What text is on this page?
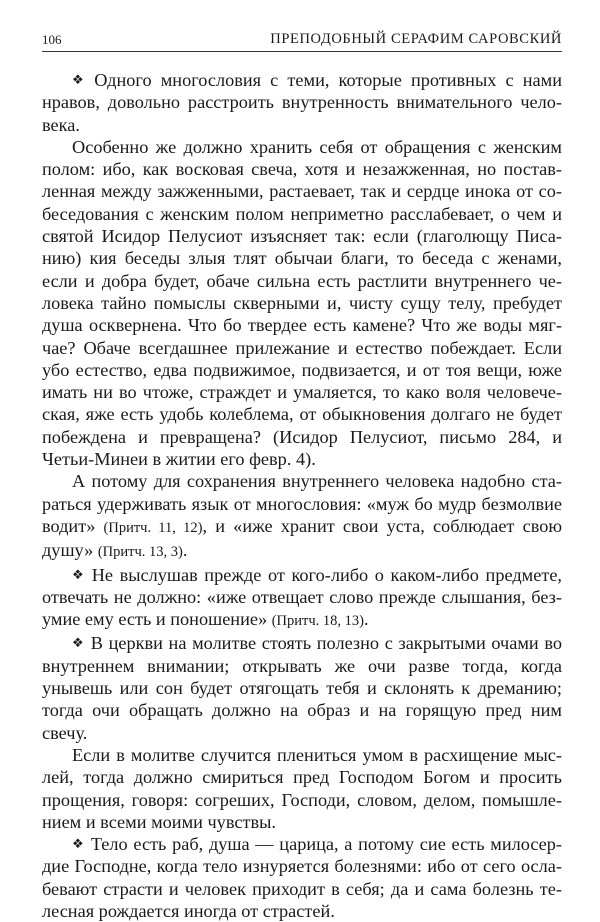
106	ПРЕПОДОБНЫЙ СЕРАФИМ САРОВСКИЙ

❖ Одного многословия с теми, которые противных с нами нравов, довольно расстроить внутренность внимательного человека.

Особенно же должно хранить себя от обращения с женским полом: ибо, как восковая свеча, хотя и незажженная, но поставленная между зажженными, растаевает, так и сердце инока от собеседования с женским полом неприметно расслабевает, о чем и святой Исидор Пелусиот изъясняет так: если (глаголющу Писанию) кия беседы злыя тлят обычаи благи, то беседа с женами, если и добра будет, обаче сильна есть растлити внутреннего человека тайно помыслы скверными и, чисту сущу телу, пребудет душа осквернена. Что бо твердее есть камене? Что же воды мягчае? Обаче всегдашнее прилежание и естество побеждает. Если убо естество, едва подвижимое, подвизается, и от тоя вещи, юже имать ни во чтоже, страждет и умаляется, то како воля человеческая, яже есть удобь колеблема, от обыкновения долгаго не будет побеждена и превращена? (Исидор Пелусиот, письмо 284, и Четьи-Минеи в житии его февр. 4).

А потому для сохранения внутреннего человека надобно стараться удерживать язык от многословия: «муж бо мудр безмолвие водит» (Притч. 11, 12), и «иже хранит свои уста, соблюдает свою душу» (Притч. 13, 3).

❖ Не выслушав прежде от кого-либо о каком-либо предмете, отвечать не должно: «иже отвещает слово прежде слышания, безумие ему есть и поношение» (Притч. 18, 13).

❖ В церкви на молитве стоять полезно с закрытыми очами во внутреннем внимании; открывать же очи разве тогда, когда унывешь или сон будет отягощать тебя и склонять к дреманию; тогда очи обращать должно на образ и на горящую пред ним свечу.

Если в молитве случится плениться умом в расхищение мыслей, тогда должно смириться пред Господом Богом и просить прощения, говоря: согреших, Господи, словом, делом, помышлением и всеми моими чувствы.

❖ Тело есть раб, душа — царица, а потому сие есть милосердие Господне, когда тело изнуряется болезнями: ибо от сего ослабевают страсти и человек приходит в себя; да и сама болезнь телесная рождается иногда от страстей.
